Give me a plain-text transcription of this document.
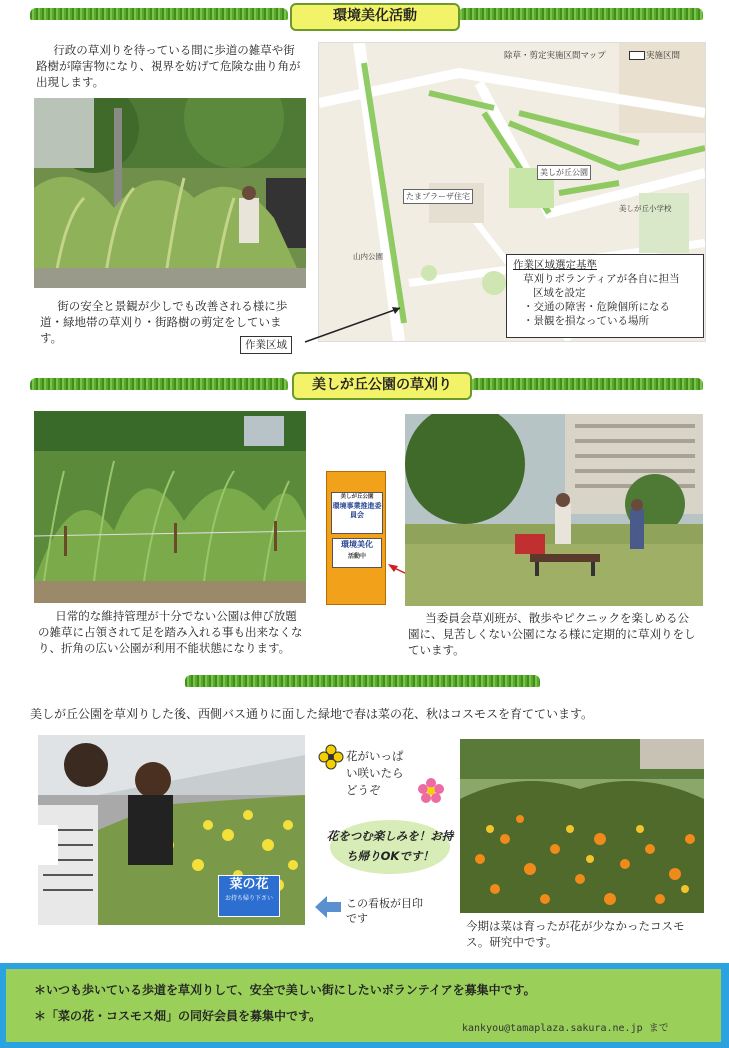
環境美化活動
行政の草刈りを待っている間に歩道の雑草や街路樹が障害物になり、視界を妨げて危険な曲り角が出現します。
街の安全と景観が少しでも改善される様に歩道・緑地帯の草刈り・街路樹の剪定をしています。
除草・剪定実施区間マップ	実施区間
たまプラーザ住宅
美しが丘公園
山内公園
美しが丘小学校
作業区域選定基準
草刈りボランティアが各自に担当
区域を設定
・交通の障害・危険個所になる
・景観を損なっている場所
作業区域
美しが丘公園の草刈り
美しが丘公園
環境事業推進委員会
環境美化
活動中
日常的な維持管理が十分でない公園は伸び放題の雑草に占領されて足を踏み入れる事も出来なくなり、折角の広い公園が利用不能状態になります。
当委員会草刈班が、散歩やピクニックを楽しめる公園に、見苦しくない公園になる様に定期的に草刈りをしています。
美しが丘公園を草刈りした後、西側バス通りに面した緑地で春は菜の花、秋はコスモスを育てています。
菜の花
お持ち帰り下さい
花がいっぱい咲いたらどうぞ
花をつむ楽しみを！お持ち帰りOKです！
この看板が目印です
今期は菜は育ったが花が少なかったコスモス。研究中です。
＊いつも歩いている歩道を草刈りして、安全で美しい街にしたいボランテイアを募集中です。
＊「菜の花・コスモス畑」の同好会員を募集中です。
kankyou@tamaplaza.sakura.ne.jp まで
